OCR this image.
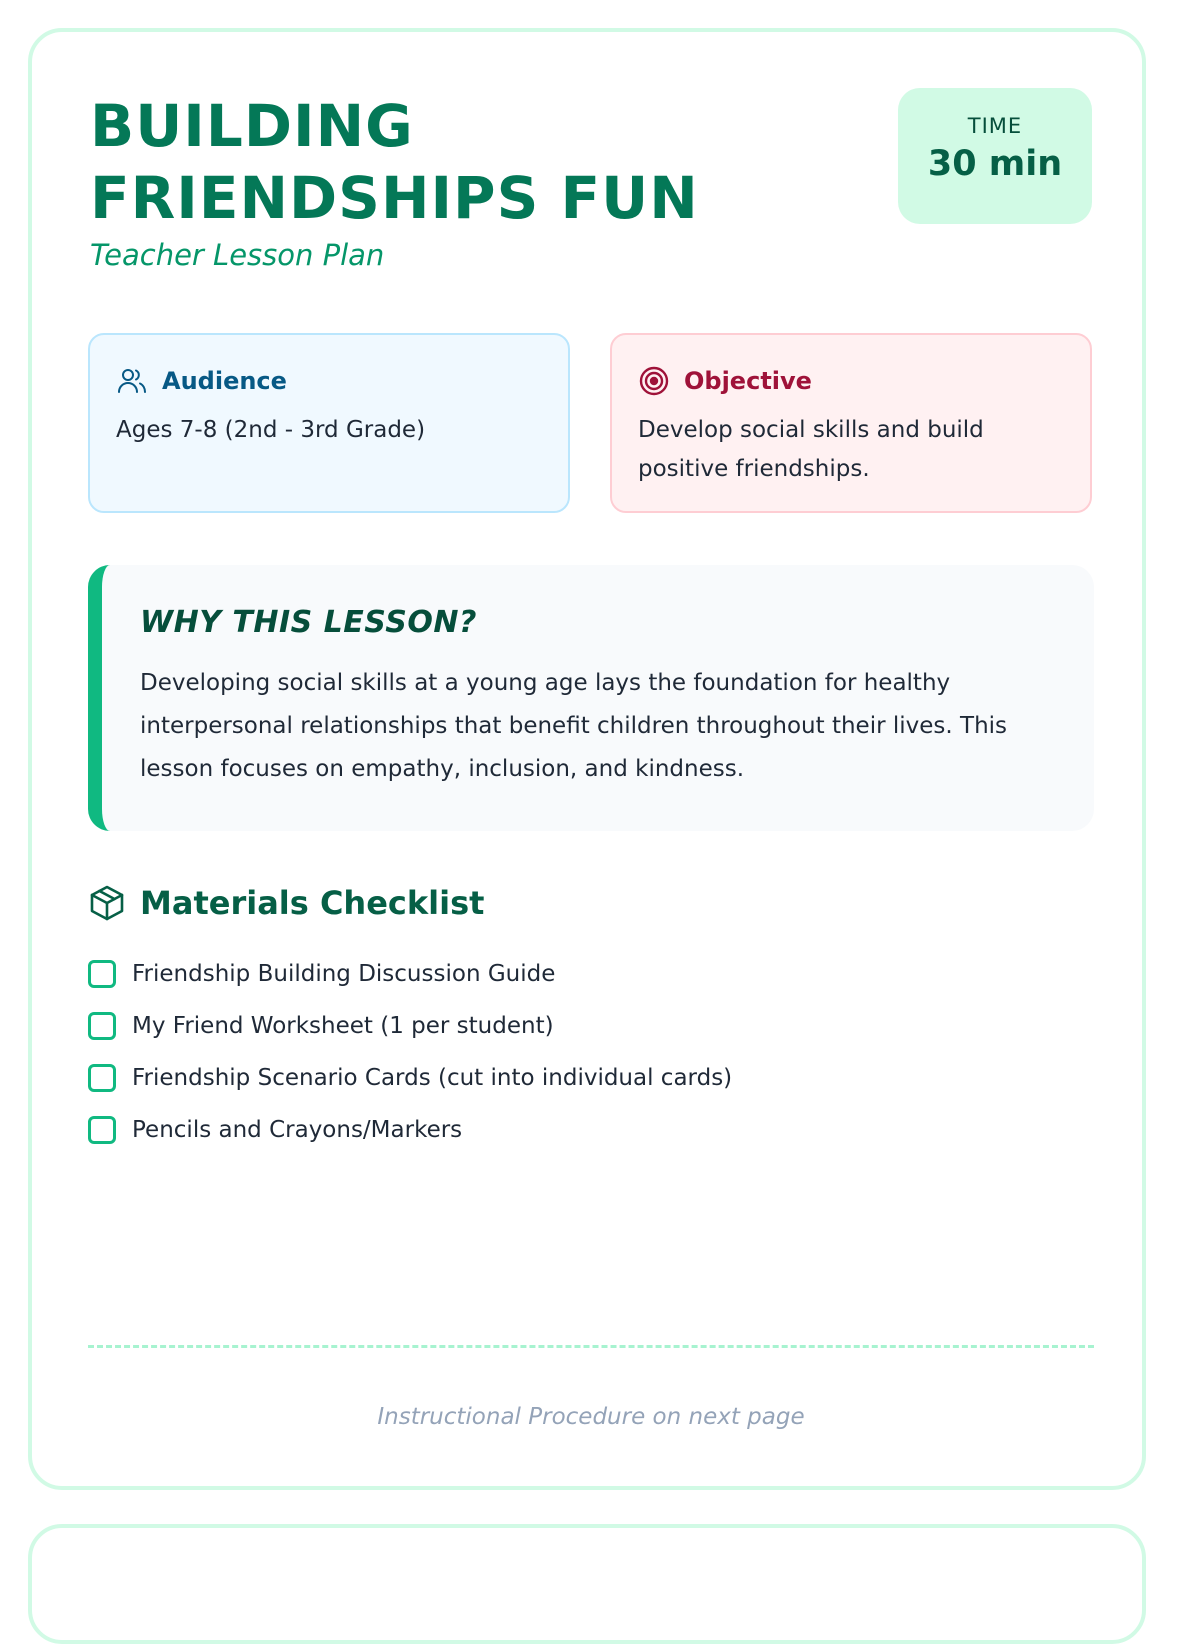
BUILDING FRIENDSHIPS FUN

Teacher Lesson Plan

TIME
30 min
Audience

Ages 7-8 (2nd - 3rd Grade)

Objective

Develop social skills and build positive friendships.

WHY THIS LESSON?

Developing social skills at a young age lays the foundation for healthy interpersonal relationships that benefit children throughout their lives. This lesson focuses on empathy, inclusion, and kindness.

Materials Checklist
Friendship Building Discussion Guide
My Friend Worksheet (1 per student)
Friendship Scenario Cards (cut into individual cards)
Pencils and Crayons/Markers

Instructional Procedure on next page
